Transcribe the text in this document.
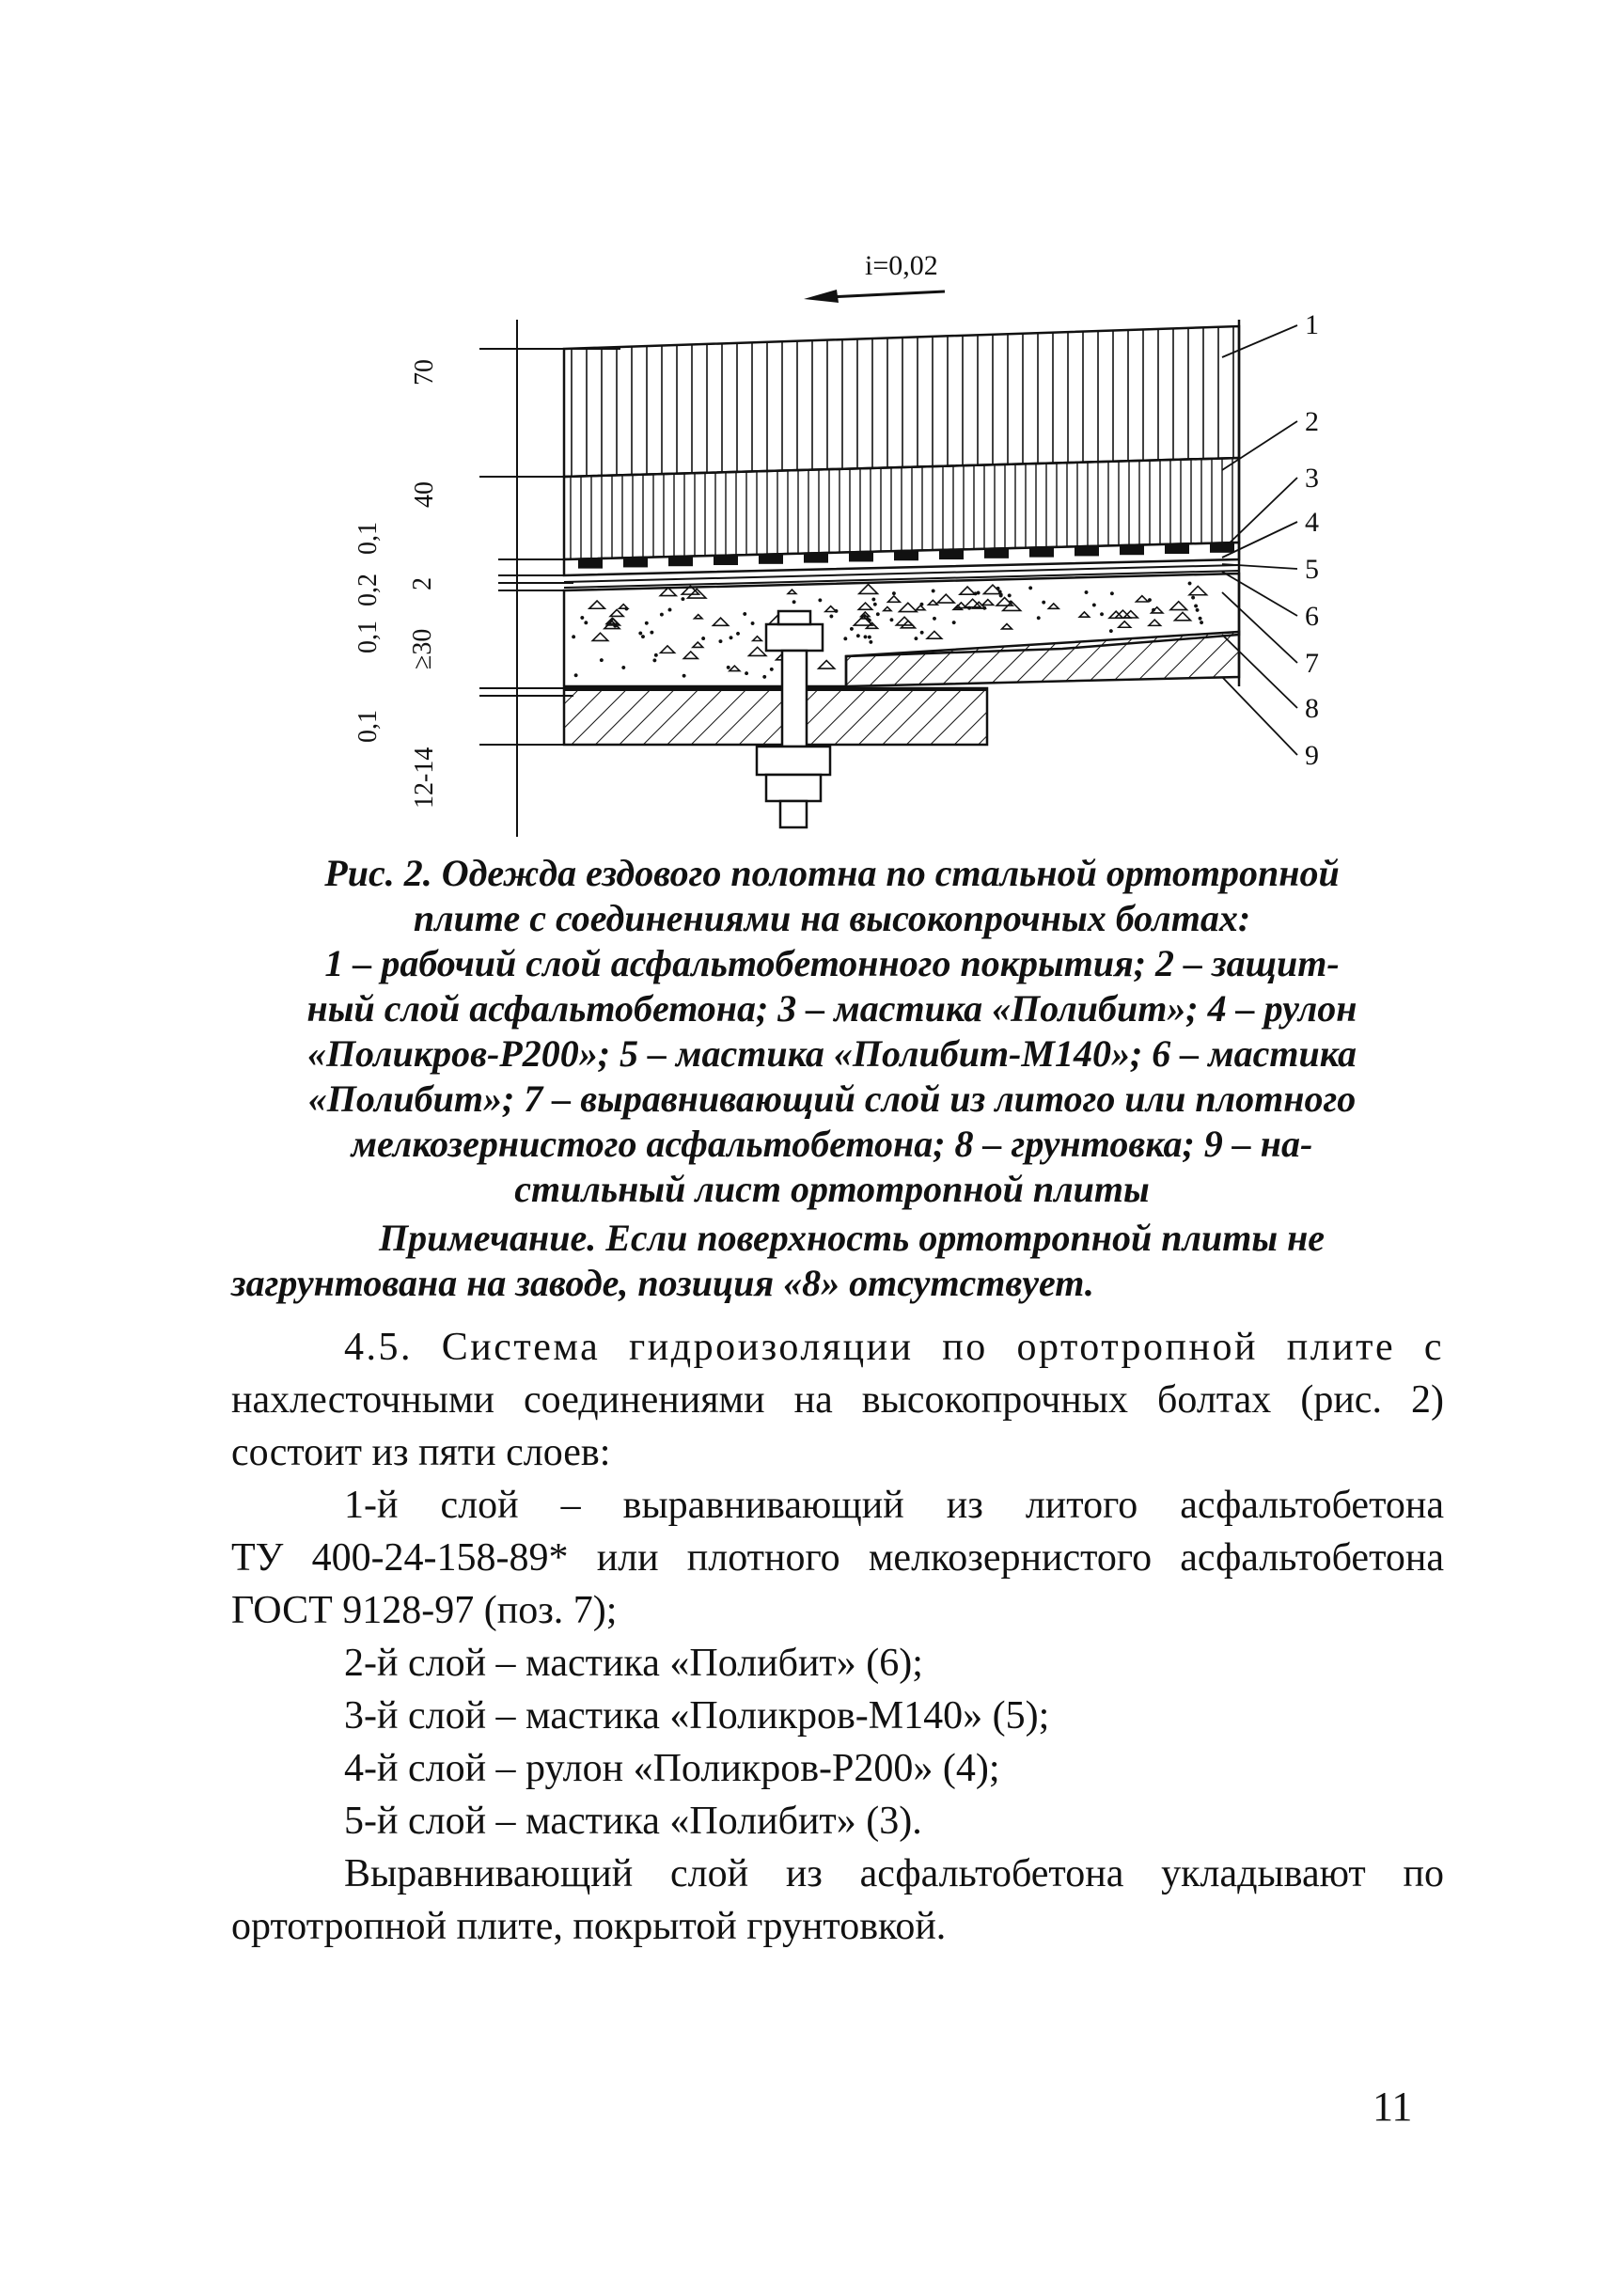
i=0,02
70
40
0,1
2
0,2
0,1 ≥30
0,1
12-14
1
2
3
4
5
6
7
8
9
Рис. 2. Одежда ездового полотна по стальной ортотропной
плите с соединениями на высокопрочных болтах:
1 – рабочий слой асфальтобетонного покрытия; 2 – защит-
ный слой асфальтобетона; 3 – мастика «Полибит»; 4 – рулон
«Поликров-Р200»; 5 – мастика «Полибит-М140»; 6 – мастика
«Полибит»; 7 – выравнивающий слой из литого или плотного
мелкозернистого асфальтобетона; 8 – грунтовка; 9 – на-
стильный лист ортотропной плиты
Примечание. Если поверхность ортотропной плиты не
загрунтована на заводе, позиция «8» отсутствует.

4.5. Система гидроизоляции по ортотропной плите с

нахлесточными соединениями на высокопрочных болтах (рис. 2)

состоит из пяти слоев:

1-й слой – выравнивающий из литого асфальтобетона

ТУ 400-24-158-89* или плотного мелкозернистого асфальтобетона

ГОСТ 9128-97 (поз. 7);

2-й слой – мастика «Полибит» (6);

3-й слой – мастика «Поликров-М140» (5);

4-й слой – рулон «Поликров-Р200» (4);

5-й слой – мастика «Полибит» (3).

Выравнивающий слой из асфальтобетона укладывают по

ортотропной плите, покрытой грунтовкой.

11
